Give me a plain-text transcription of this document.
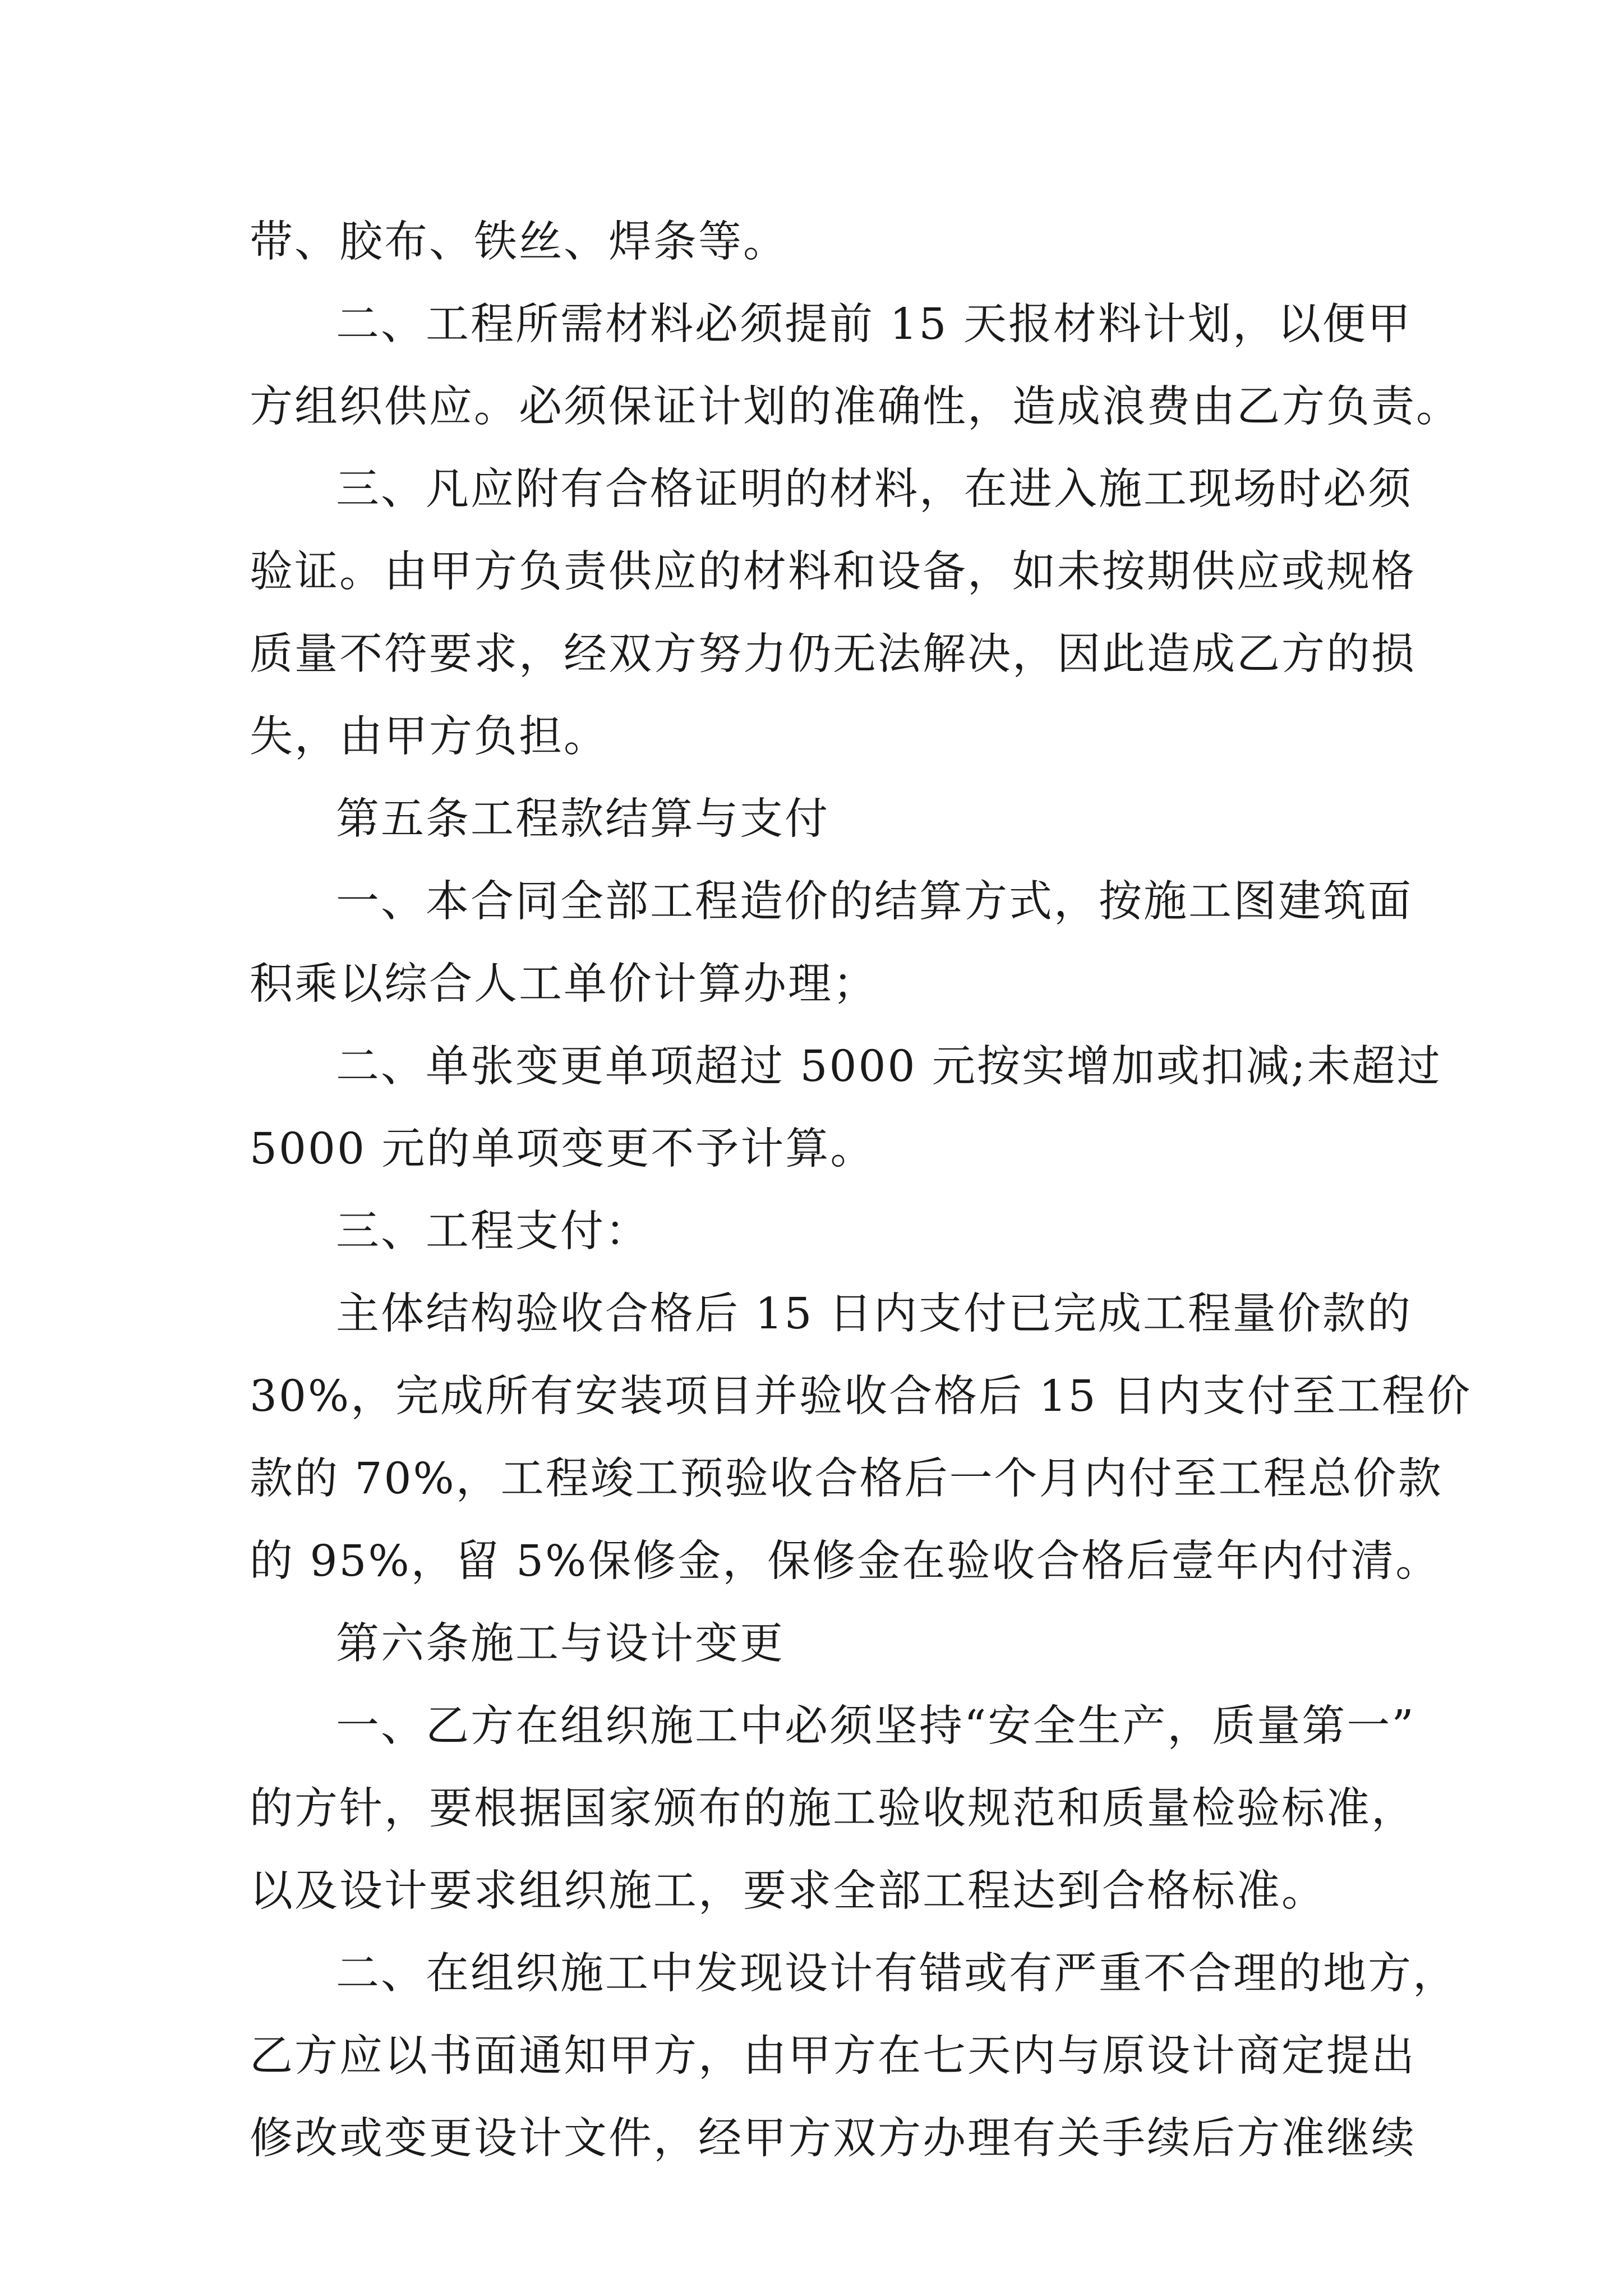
带、胶布、铁丝、焊条等。
二、工程所需材料必须提前 15 天报材料计划，以便甲
方组织供应。必须保证计划的准确性，造成浪费由乙方负责。
三、凡应附有合格证明的材料，在进入施工现场时必须
验证。由甲方负责供应的材料和设备，如未按期供应或规格
质量不符要求，经双方努力仍无法解决，因此造成乙方的损
失，由甲方负担。
第五条工程款结算与支付
一、本合同全部工程造价的结算方式，按施工图建筑面
积乘以综合人工单价计算办理；
二、单张变更单项超过 5000 元按实增加或扣减;未超过
5000 元的单项变更不予计算。
三、工程支付：
主体结构验收合格后 15 日内支付已完成工程量价款的
30%，完成所有安装项目并验收合格后 15 日内支付至工程价
款的 70%，工程竣工预验收合格后一个月内付至工程总价款
的 95%，留 5%保修金，保修金在验收合格后壹年内付清。
第六条施工与设计变更
一、乙方在组织施工中必须坚持“安全生产，质量第一”
的方针，要根据国家颁布的施工验收规范和质量检验标准，
以及设计要求组织施工，要求全部工程达到合格标准。
二、在组织施工中发现设计有错或有严重不合理的地方，
乙方应以书面通知甲方，由甲方在七天内与原设计商定提出
修改或变更设计文件，经甲方双方办理有关手续后方准继续
